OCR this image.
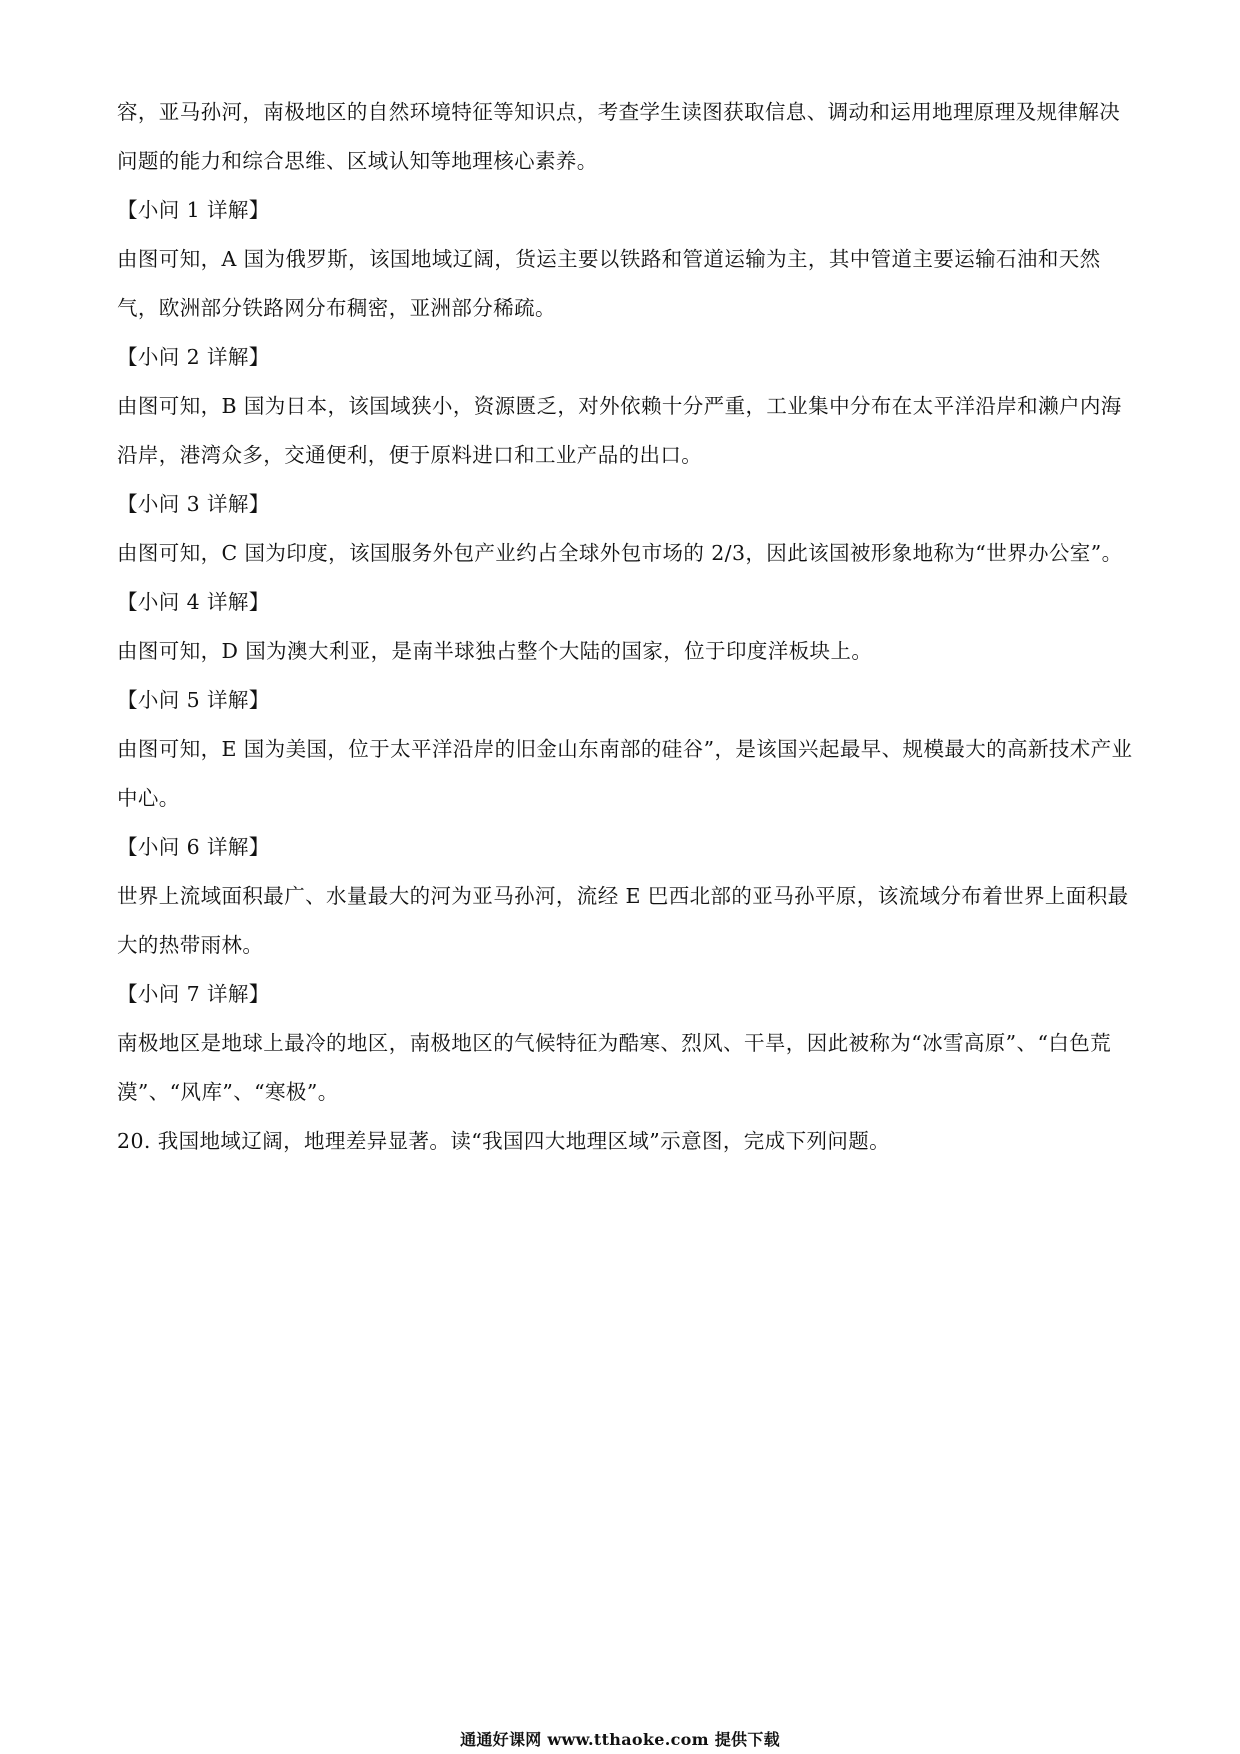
容，亚马孙河，南极地区的自然环境特征等知识点，考查学生读图获取信息、调动和运用地理原理及规律解决问题的能力和综合思维、区域认知等地理核心素养。

【小问 1 详解】

由图可知，A 国为俄罗斯，该国地域辽阔，货运主要以铁路和管道运输为主，其中管道主要运输石油和天然气，欧洲部分铁路网分布稠密，亚洲部分稀疏。

【小问 2 详解】

由图可知，B 国为日本，该国域狭小，资源匮乏，对外依赖十分严重，工业集中分布在太平洋沿岸和濑户内海沿岸，港湾众多，交通便利，便于原料进口和工业产品的出口。

【小问 3 详解】

由图可知，C 国为印度，该国服务外包产业约占全球外包市场的 2/3，因此该国被形象地称为“世界办公室”。

【小问 4 详解】

由图可知，D 国为澳大利亚，是南半球独占整个大陆的国家，位于印度洋板块上。

【小问 5 详解】

由图可知，E 国为美国，位于太平洋沿岸的旧金山东南部的硅谷”，是该国兴起最早、规模最大的高新技术产业中心。

【小问 6 详解】

世界上流域面积最广、水量最大的河为亚马孙河，流经 E 巴西北部的亚马孙平原，该流域分布着世界上面积最大的热带雨林。

【小问 7 详解】

南极地区是地球上最冷的地区，南极地区的气候特征为酷寒、烈风、干旱，因此被称为“冰雪高原”、“白色荒漠”、“风库”、“寒极”。

20. 我国地域辽阔，地理差异显著。读“我国四大地理区域”示意图，完成下列问题。

通通好课网 www.tthaoke.com 提供下载
